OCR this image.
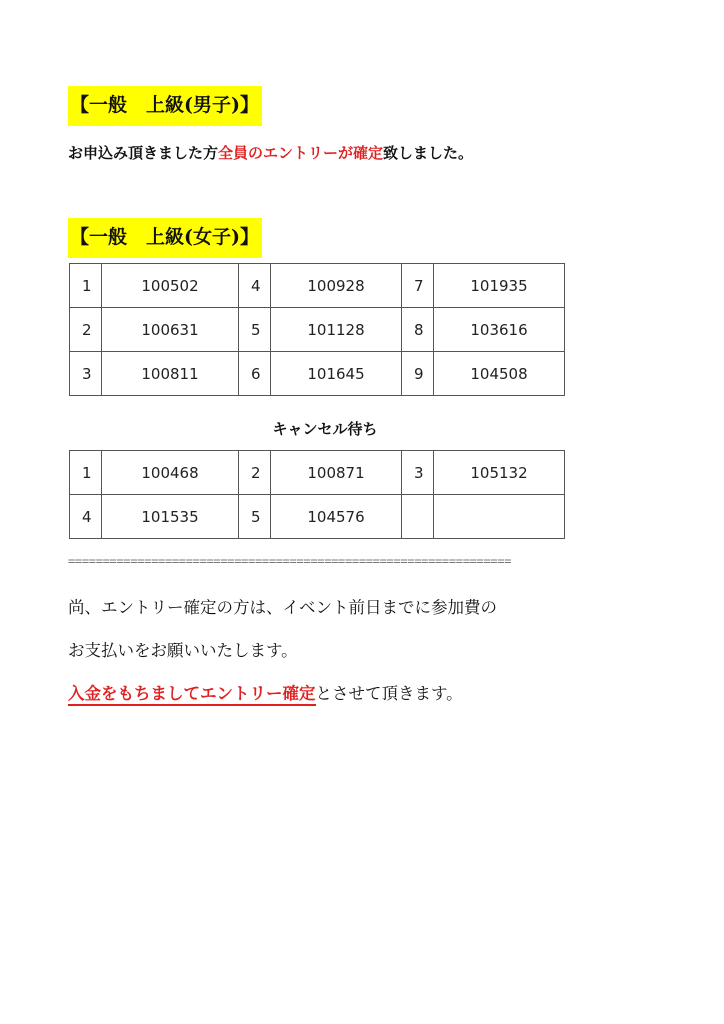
【一般　上級(男子)】
お申込み頂きました方全員のエントリーが確定致しました。
【一般　上級(女子)】
1	100502	4	100928	7	101935
2	100631	5	101128	8	103616
3	100811	6	101645	9	104508
キャンセル待ち
1	100468	2	100871	3	105132
4	101535	5	104576		
================================================================
尚、エントリー確定の方は、イベント前日までに参加費の
お支払いをお願いいたします。
入金をもちましてエントリー確定とさせて頂きます。
